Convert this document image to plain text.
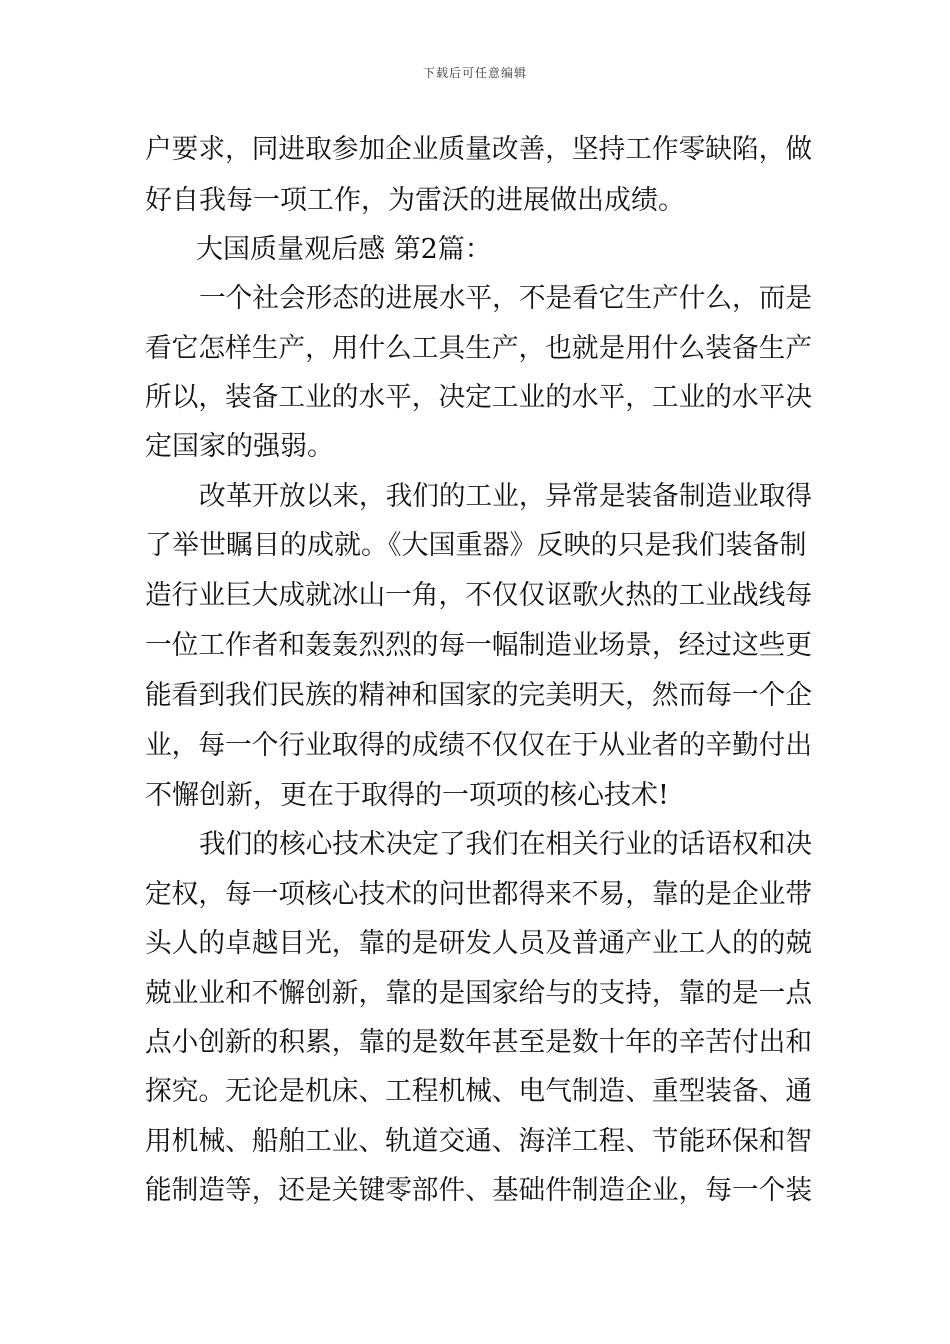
下载后可任意编辑
户要求，同进取参加企业质量改善，坚持工作零缺陷，做
好自我每一项工作，为雷沃的进展做出成绩。
大国质量观后感 第2篇：
一个社会形态的进展水平，不是看它生产什么，而是
看它怎样生产，用什么工具生产，也就是用什么装备生产
所以，装备工业的水平，决定工业的水平，工业的水平决
定国家的强弱。
改革开放以来，我们的工业，异常是装备制造业取得
了举世瞩目的成就。《大国重器》反映的只是我们装备制
造行业巨大成就冰山一角，不仅仅讴歌火热的工业战线每
一位工作者和轰轰烈烈的每一幅制造业场景，经过这些更
能看到我们民族的精神和国家的完美明天，然而每一个企
业，每一个行业取得的成绩不仅仅在于从业者的辛勤付出
不懈创新，更在于取得的一项项的核心技术!
我们的核心技术决定了我们在相关行业的话语权和决
定权，每一项核心技术的问世都得来不易，靠的是企业带
头人的卓越目光，靠的是研发人员及普通产业工人的的兢
兢业业和不懈创新，靠的是国家给与的支持，靠的是一点
点小创新的积累，靠的是数年甚至是数十年的辛苦付出和
探究。无论是机床、工程机械、电气制造、重型装备、通
用机械、船舶工业、轨道交通、海洋工程、节能环保和智
能制造等，还是关键零部件、基础件制造企业，每一个装
